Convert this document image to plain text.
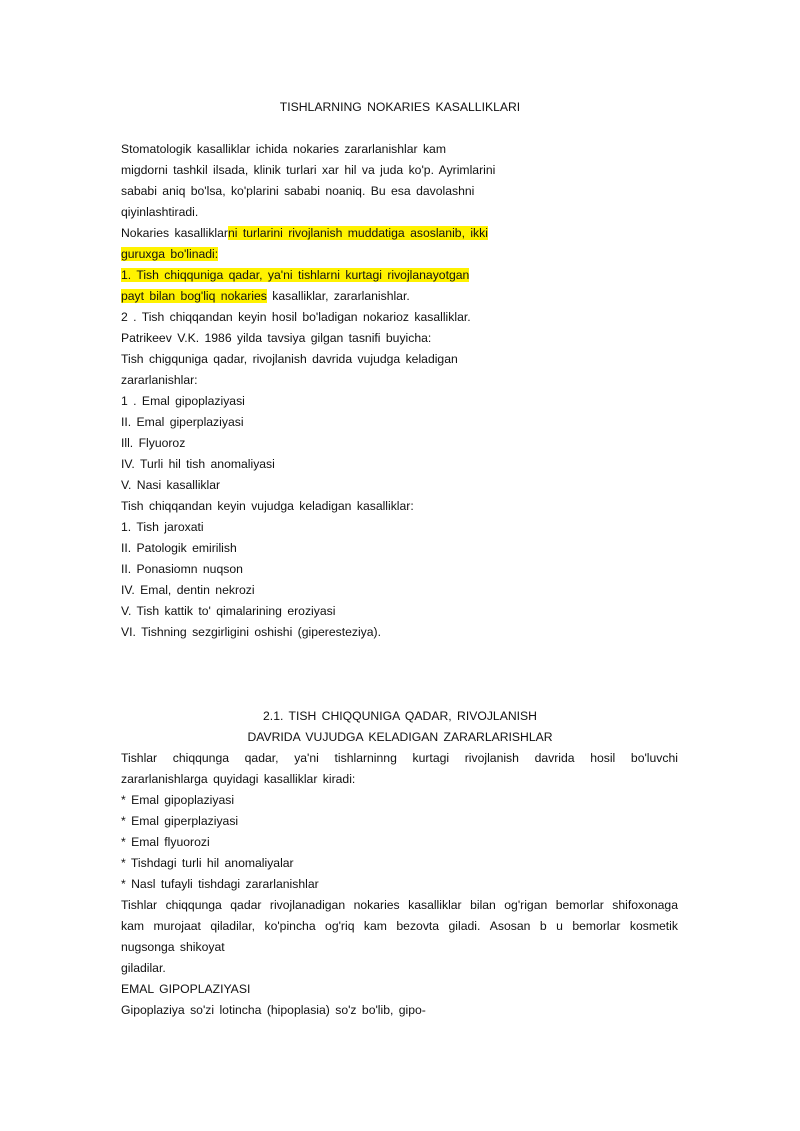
TISHLARNING NOKARIES KASALLIKLARI
Stomatologik kasalliklar ichida nokaries zararlanishlar kam
migdorni tashkil ilsada, klinik turlari xar hil va juda ko'p. Ayrimlarini
sababi aniq bo'lsa, ko'plarini sababi noaniq. Bu esa davolashni
qiyinlashtiradi.
Nokaries kasalliklarni turlarini rivojlanish muddatiga asoslanib, ikki
guruxga bo'linadi:
1. Tish chiqquniga qadar, ya'ni tishlarni kurtagi rivojlanayotgan
payt bilan bog'liq nokaries kasalliklar, zararlanishlar.
2 . Tish chiqqandan keyin hosil bo'ladigan nokarioz kasalliklar.
Patrikeev V.K. 1986 yilda tavsiya gilgan tasnifi buyicha:
Tish chigquniga qadar, rivojlanish davrida vujudga keladigan
zararlanishlar:
1 . Emal gipoplaziyasi
II. Emal giperplaziyasi
Ill. Flyuoroz
IV. Turli hil tish anomaliyasi
V. Nasi kasalliklar
Tish chiqqandan keyin vujudga keladigan kasalliklar:
1. Tish jaroxati
II. Patologik emirilish
II. Ponasiomn nuqson
IV. Emal, dentin nekrozi
V. Tish kattik to' qimalarining eroziyasi
VI. Tishning sezgirligini oshishi (giperesteziya).
2.1. TISH CHIQQUNIGA QADAR, RIVOJLANISH
DAVRIDA VUJUDGA KELADIGAN ZARARLARISHLAR
Tishlar chiqqunga qadar, ya'ni tishlarninng kurtagi rivojlanish davrida hosil bo'luvchi
zararlanishlarga quyidagi kasalliklar kiradi:
* Emal gipoplaziyasi
* Emal giperplaziyasi
* Emal flyuorozi
* Tishdagi turli hil anomaliyalar
* Nasl tufayli tishdagi zararlanishlar
Tishlar chiqqunga qadar rivojlanadigan nokaries kasalliklar bilan og'rigan bemorlar shifoxonaga
kam murojaat qiladilar, ko'pincha og'riq kam bezovta giladi. Asosan b u bemorlar kosmetik
nugsonga shikoyat
giladilar.
EMAL GIPOPLAZIYASI
Gipoplaziya so'zi lotincha (hipoplasia) so'z bo'lib, gipo-
